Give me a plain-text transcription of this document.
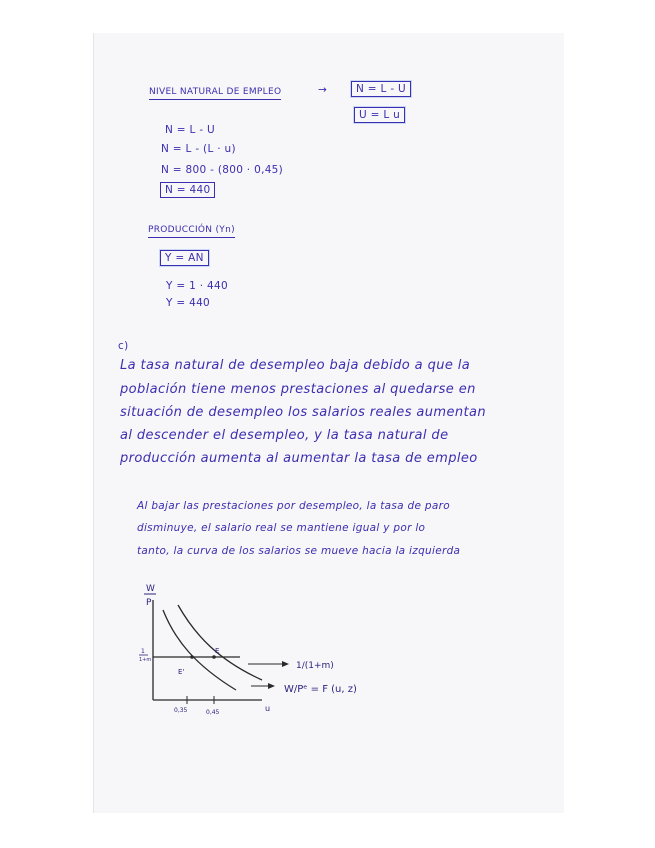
NIVEL NATURAL DE EMPLEO	→	N = L - U
U = L u
N = L - U
N = L - (L · u)
N = 800 - (800 · 0,45)
N = 440
PRODUCCIÓN (Yn)
Y = AN
Y = 1 · 440
Y = 440
c)
La tasa natural de desempleo baja debido a que la
población tiene menos prestaciones al quedarse en
situación de desempleo los salarios reales aumentan
al descender el desempleo, y la tasa natural de
producción aumenta al aumentar la tasa de empleo
Al bajar las prestaciones por desempleo, la tasa de paro
disminuye, el salario real se mantiene igual y por lo
tanto, la curva de los salarios se mueve hacia la izquierda
W
P
1
1+m
1/(1+m)
W/Pᵉ = F (u, z)
E'
E
0,35	0,45	u
